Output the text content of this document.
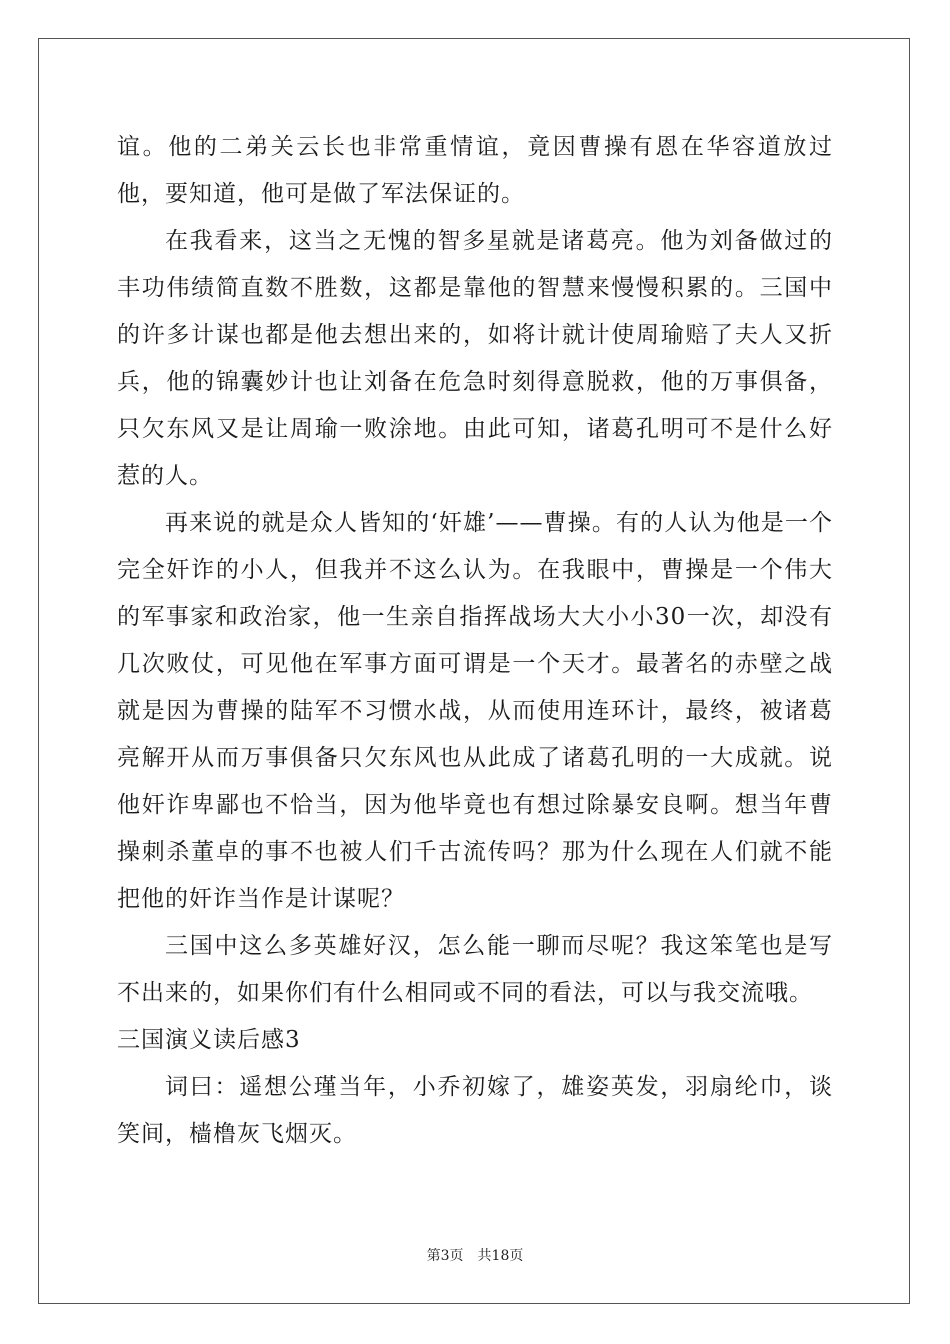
谊。他的二弟关云长也非常重情谊，竟因曹操有恩在华容道放过他，要知道，他可是做了军法保证的。

在我看来，这当之无愧的智多星就是诸葛亮。他为刘备做过的丰功伟绩简直数不胜数，这都是靠他的智慧来慢慢积累的。三国中的许多计谋也都是他去想出来的，如将计就计使周瑜赔了夫人又折兵，他的锦囊妙计也让刘备在危急时刻得意脱救，他的万事俱备，只欠东风又是让周瑜一败涂地。由此可知，诸葛孔明可不是什么好惹的人。

再来说的就是众人皆知的‘奸雄’——曹操。有的人认为他是一个完全奸诈的小人，但我并不这么认为。在我眼中，曹操是一个伟大的军事家和政治家，他一生亲自指挥战场大大小小30一次，却没有几次败仗，可见他在军事方面可谓是一个天才。最著名的赤壁之战就是因为曹操的陆军不习惯水战，从而使用连环计，最终，被诸葛亮解开从而万事俱备只欠东风也从此成了诸葛孔明的一大成就。说他奸诈卑鄙也不恰当，因为他毕竟也有想过除暴安良啊。想当年曹操刺杀董卓的事不也被人们千古流传吗？那为什么现在人们就不能把他的奸诈当作是计谋呢？

三国中这么多英雄好汉，怎么能一聊而尽呢？我这笨笔也是写不出来的，如果你们有什么相同或不同的看法，可以与我交流哦。

三国演义读后感3

词曰：遥想公瑾当年，小乔初嫁了，雄姿英发，羽扇纶巾，谈笑间，樯橹灰飞烟灭。

第3页　共18页
